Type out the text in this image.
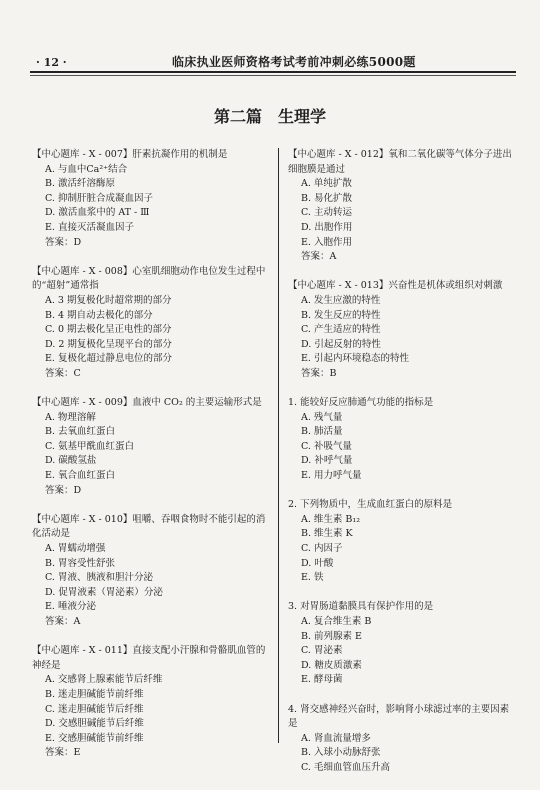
· 12 ·	临床执业医师资格考试考前冲刺必练5000题
第二篇　生理学
【中心题库 - X - 007】肝素抗凝作用的机制是
A. 与血中Ca²⁺结合
B. 激活纤溶酶原
C. 抑制肝脏合成凝血因子
D. 激活血浆中的 AT - Ⅲ
E. 直接灭活凝血因子
答案：D
【中心题库 - X - 008】心室肌细胞动作电位发生过程中的“超射”通常指
A. 3 期复极化时超常期的部分
B. 4 期自动去极化的部分
C. 0 期去极化呈正电性的部分
D. 2 期复极化呈现平台的部分
E. 复极化超过静息电位的部分
答案：C
【中心题库 - X - 009】血液中 CO₂ 的主要运输形式是
A. 物理溶解
B. 去氧血红蛋白
C. 氨基甲酰血红蛋白
D. 碳酸氢盐
E. 氧合血红蛋白
答案：D
【中心题库 - X - 010】咀嚼、吞咽食物时不能引起的消化活动是
A. 胃蠕动增强
B. 胃容受性舒张
C. 胃液、胰液和胆汁分泌
D. 促胃液素（胃泌素）分泌
E. 唾液分泌
答案：A
【中心题库 - X - 011】直接支配小汗腺和骨骼肌血管的神经是
A. 交感肾上腺素能节后纤维
B. 迷走胆碱能节前纤维
C. 迷走胆碱能节后纤维
D. 交感胆碱能节后纤维
E. 交感胆碱能节前纤维
答案：E
【中心题库 - X - 012】氧和二氧化碳等气体分子进出细胞膜是通过
A. 单纯扩散
B. 易化扩散
C. 主动转运
D. 出胞作用
E. 入胞作用
答案：A
【中心题库 - X - 013】兴奋性是机体或组织对刺激
A. 发生应激的特性
B. 发生反应的特性
C. 产生适应的特性
D. 引起反射的特性
E. 引起内环境稳态的特性
答案：B
1. 能较好反应肺通气功能的指标是
A. 残气量
B. 肺活量
C. 补吸气量
D. 补呼气量
E. 用力呼气量
2. 下列物质中，生成血红蛋白的原料是
A. 维生素 B₁₂
B. 维生素 K
C. 内因子
D. 叶酸
E. 铁
3. 对胃肠道黏膜具有保护作用的是
A. 复合维生素 B
B. 前列腺素 E
C. 胃泌素
D. 糖皮质激素
E. 酵母菌
4. 肾交感神经兴奋时，影响肾小球滤过率的主要因素是
A. 肾血流量增多
B. 入球小动脉舒张
C. 毛细血管血压升高
